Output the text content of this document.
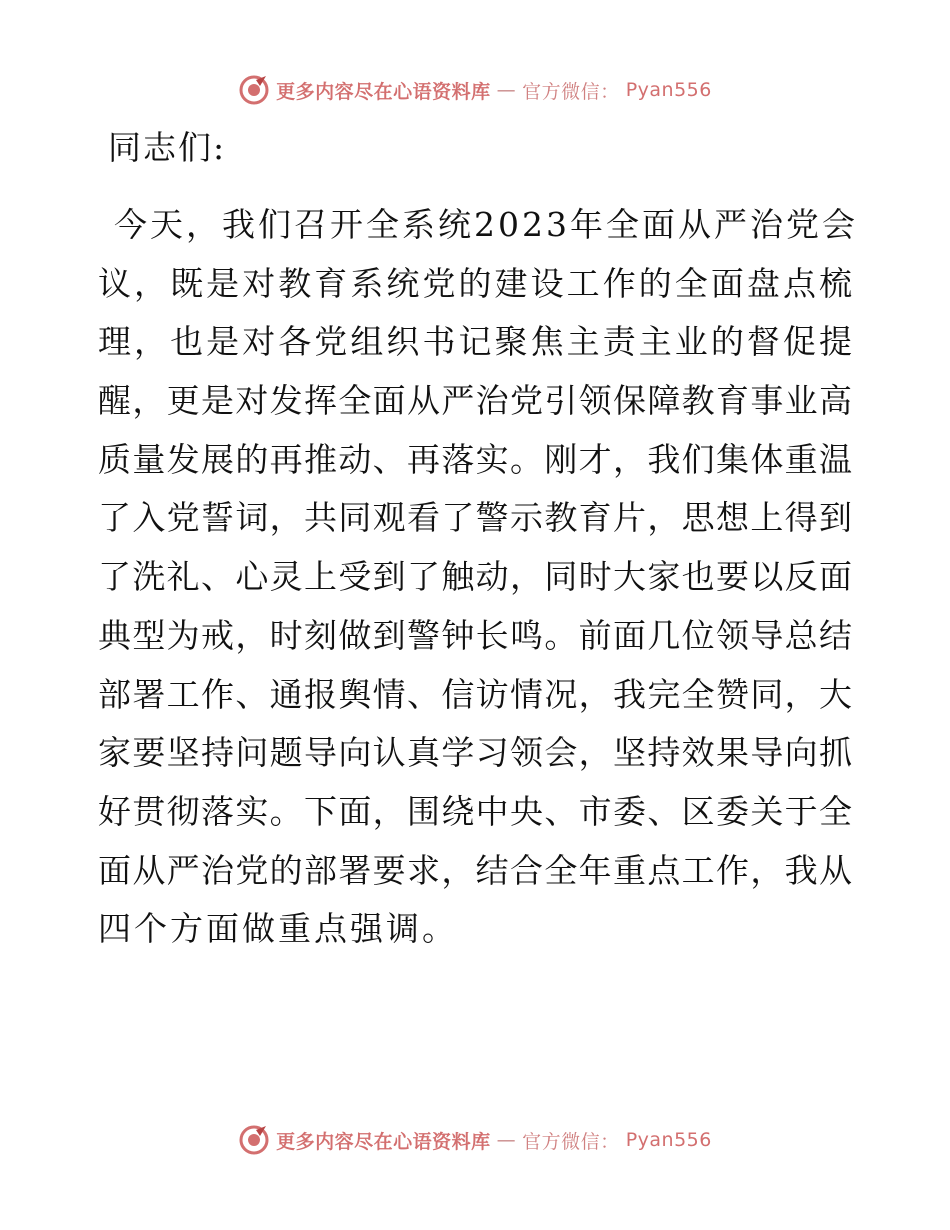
更多内容尽在心语资料库 — 官方微信： Pyan556
同志们:
今天，我们召开全系统2023年全面从严治党会
议，既是对教育系统党的建设工作的全面盘点梳
理，也是对各党组织书记聚焦主责主业的督促提
醒，更是对发挥全面从严治党引领保障教育事业高
质量发展的再推动、再落实。刚才，我们集体重温
了入党誓词，共同观看了警示教育片，思想上得到
了洗礼、心灵上受到了触动，同时大家也要以反面
典型为戒，时刻做到警钟长鸣。前面几位领导总结
部署工作、通报舆情、信访情况，我完全赞同，大
家要坚持问题导向认真学习领会，坚持效果导向抓
好贯彻落实。下面，围绕中央、市委、区委关于全
面从严治党的部署要求，结合全年重点工作，我从
四个方面做重点强调。
更多内容尽在心语资料库 — 官方微信： Pyan556
